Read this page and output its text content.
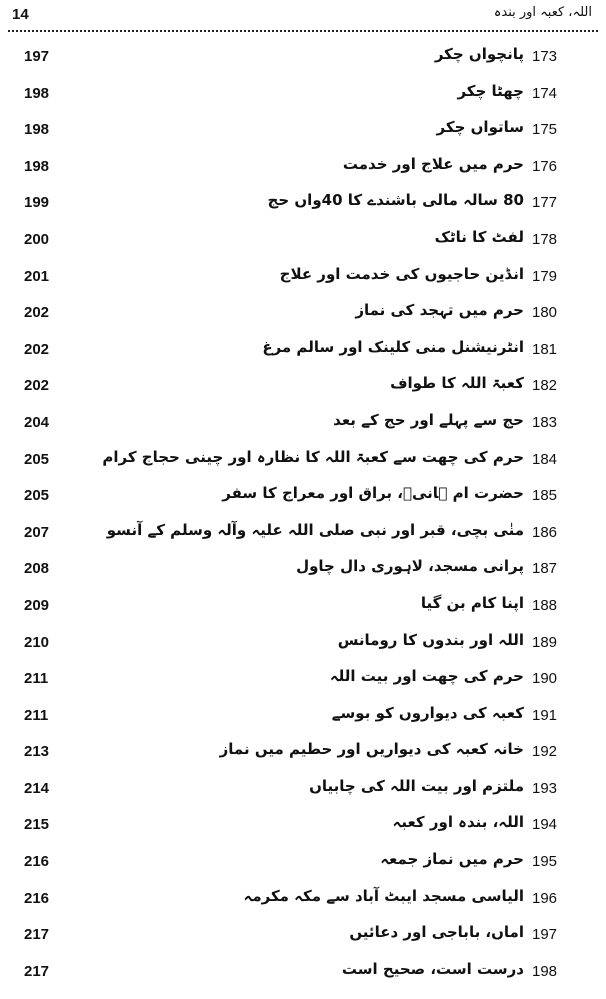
14	اللہ، کعبہ اور بندہ
197	پانچواں چکر 173
198	چھٹا چکر 174
198	ساتواں چکر 175
198	حرم میں علاج اور خدمت 176
199	80 سالہ مالی باشندے کا 40واں حج 177
200	لفٹ کا ناٹک 178
201	انڈین حاجیوں کی خدمت اور علاج 179
202	حرم میں تہجد کی نماز 180
202	انٹرنیشنل منی کلینک اور سالم مرغ 181
202	کعبۃ اللہ کا طواف 182
204	حج سے پہلے اور حج کے بعد 183
205	حرم کی چھت سے کعبۃ اللہ کا نظارہ اور چینی حجاج کرام 184
205	حضرت ام ہانیؓ، براق اور معراج کا سفر 185
207	منٰی بچی، قبر اور نبی صلی اللہ علیہ وآلہ وسلم کے آنسو 186
208	پرانی مسجد، لاہوری دال چاول 187
209	اپنا کام بن گیا 188
210	اللہ اور بندوں کا رومانس 189
211	حرم کی چھت اور بیت اللہ 190
211	کعبہ کی دیواروں کو بوسے 191
213	خانہ کعبہ کی دیواریں اور حطیم میں نماز 192
214	ملتزم اور بیت اللہ کی چابیاں 193
215	اللہ، بندہ اور کعبہ 194
216	حرم میں نماز جمعہ 195
216	الیاسی مسجد ایبٹ آباد سے مکہ مکرمہ 196
217	اماں، باباجی اور دعائیں 197
217	درست است، صحیح است 198
